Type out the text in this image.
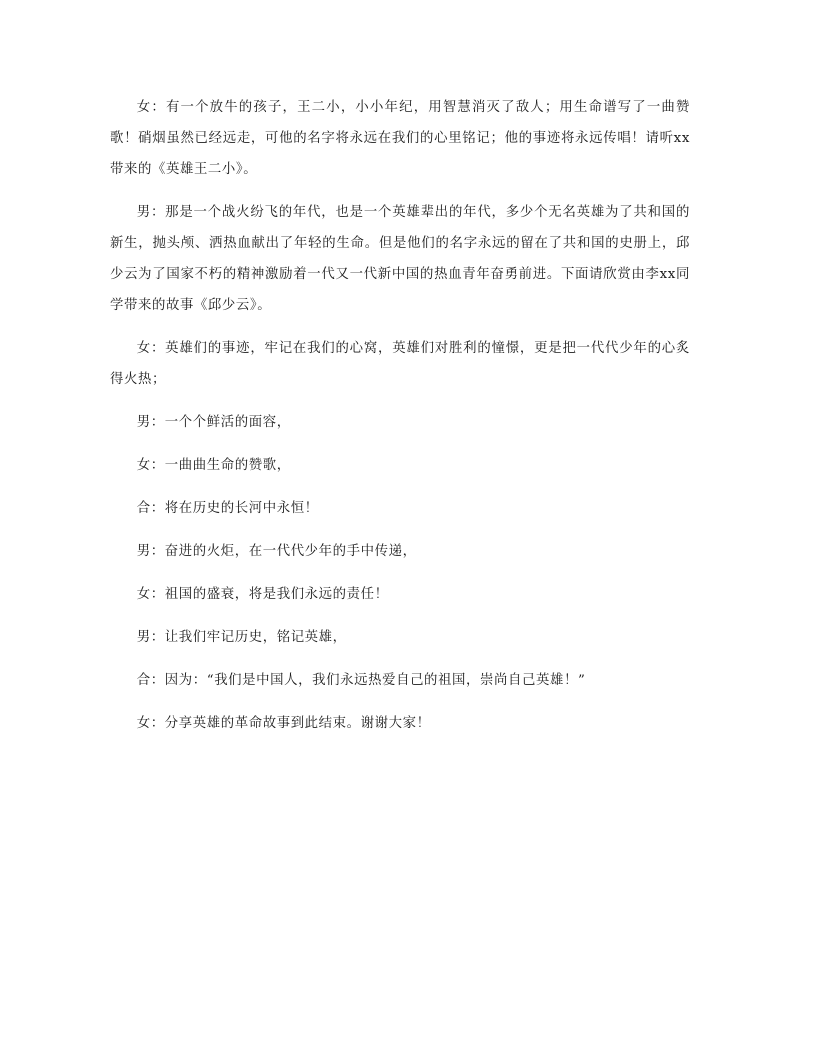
女：有一个放牛的孩子，王二小，小小年纪，用智慧消灭了敌人；用生命谱写了一曲赞歌！硝烟虽然已经远走，可他的名字将永远在我们的心里铭记；他的事迹将永远传唱！请听xx带来的《英雄王二小》。

男：那是一个战火纷飞的年代，也是一个英雄辈出的年代，多少个无名英雄为了共和国的新生，抛头颅、洒热血献出了年轻的生命。但是他们的名字永远的留在了共和国的史册上，邱少云为了国家不朽的精神激励着一代又一代新中国的热血青年奋勇前进。下面请欣赏由李xx同学带来的故事《邱少云》。

女：英雄们的事迹，牢记在我们的心窝，英雄们对胜利的憧憬，更是把一代代少年的心炙得火热；

男：一个个鲜活的面容，

女：一曲曲生命的赞歌，

合：将在历史的长河中永恒！

男：奋进的火炬，在一代代少年的手中传递，

女：祖国的盛衰，将是我们永远的责任！

男：让我们牢记历史，铭记英雄，

合：因为：“我们是中国人，我们永远热爱自己的祖国，崇尚自己英雄！”

女：分享英雄的革命故事到此结束。谢谢大家！
